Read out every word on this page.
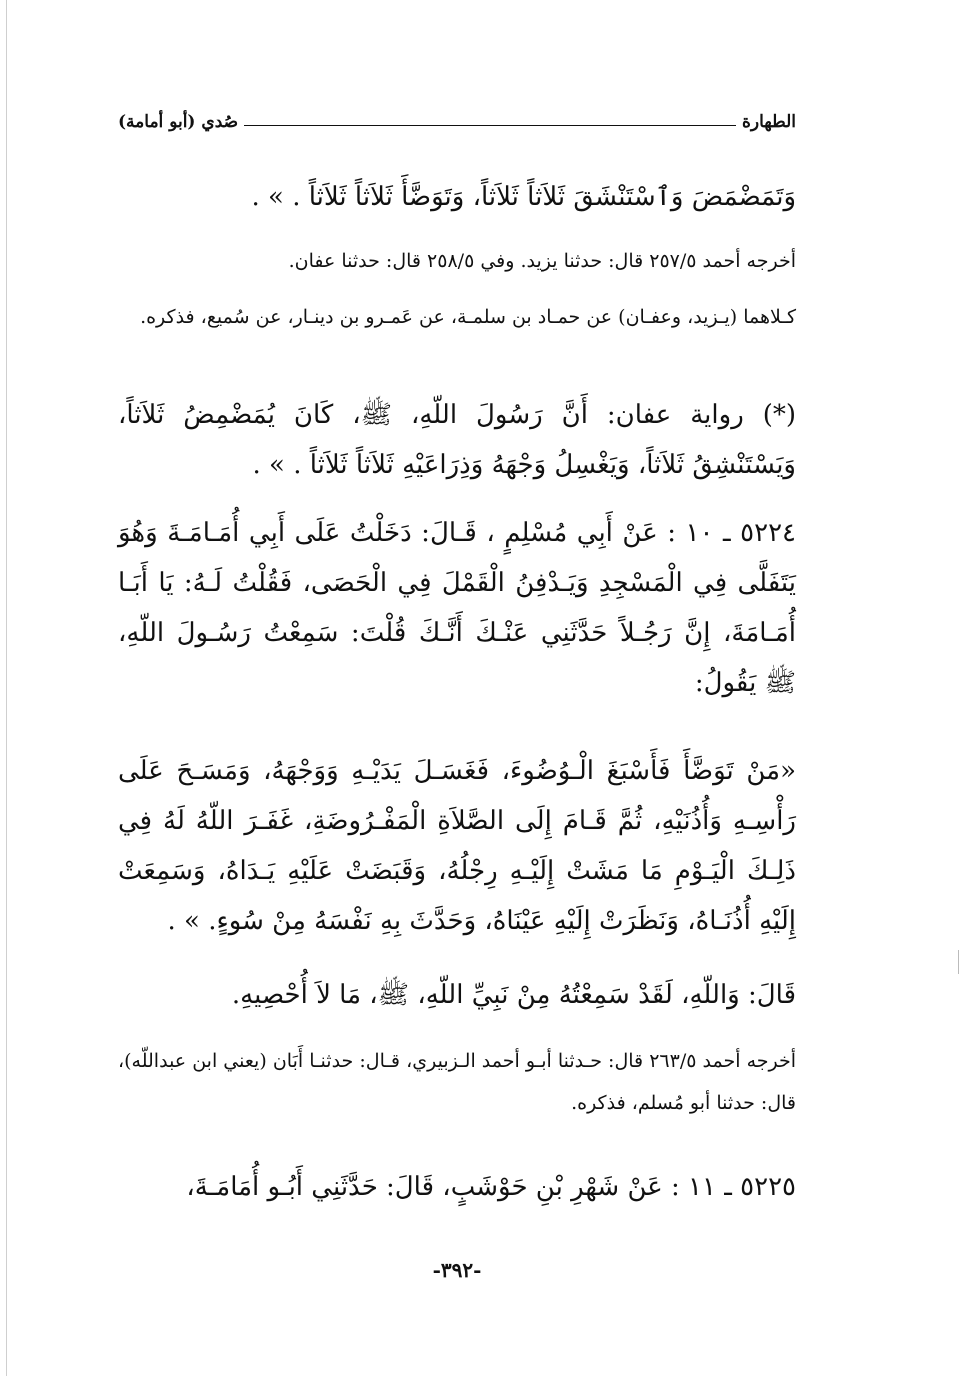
الطهارة
صُدي (أبو أمامة)
وَتَمَضْمَضَ وَٱسْتَنْشَقَ ثَلاَثاً ثَلاَثاً، وَتَوَضَّأَ ثَلاَثاً ثَلاَثاً . » .
أخرجه أحمد ٢٥٧/٥ قال: حدثنا يزيد. وفي ٢٥٨/٥ قال: حدثنا عفان.
كـلاهما (يـزيد، وعفـان) عن حمـاد بن سلمـة، عن عَمـرو بن دينـار، عن سُميع، فذكره.
(*) رواية عفان: أَنَّ رَسُولَ اللّهِ، ﷺ، كَانَ يُمَضْمِضُ ثَلاَثاً، وَيَسْتَنْشِقُ ثَلاَثاً، وَيَغْسِلُ وَجْهَهُ وَذِرَاعَيْهِ ثَلاَثاً ثَلاَثاً . » .
٥٢٢٤ ـ ١٠ : عَنْ أَبِي مُسْلِمٍ ، قَـالَ: دَخَلْتُ عَلَى أَبِي أُمَـامَـةَ وَهُوَ يَتَفَلَّى فِي الْمَسْجِدِ وَيَـدْفِنُ الْقَمْلَ فِي الْحَصَى، فَقُلْتُ لَـهُ: يَا أَبَـا أُمَـامَةَ، إِنَّ رَجُـلاً حَدَّثَنِي عَنْـكَ أَنَّـكَ قُلْتَ: سَمِعْتُ رَسُـولَ اللّهِ، ﷺ يَقُولُ:
«مَنْ تَوَضَّأَ فَأَسْبَغَ الْـوُضُوءَ، فَغَسَـلَ يَدَيْـهِ وَوَجْهَهُ، وَمَسَـحَ عَلَى رَأْسِـهِ وَأُذُنَيْهِ، ثُمَّ قَـامَ إِلَى الصَّلاَةِ الْمَفْـرُوضَةِ، غَفَـرَ اللّهُ لَهُ فِي ذَلِـكَ الْيَـوْمِ مَا مَشَتْ إِلَيْـهِ رِجْلُهُ، وَقَبَضَتْ عَلَيْهِ يَـدَاهُ، وَسَمِعَتْ إِلَيْهِ أُذُنَـاهُ، وَنَظَرَتْ إِلَيْهِ عَيْنَاهُ، وَحَدَّثَ بِهِ نَفْسَهُ مِنْ سُوءٍ. » .
قَالَ: وَاللّهِ، لَقَدْ سَمِعْتُهُ مِنْ نَبِيِّ اللّهِ، ﷺ، مَا لاَ أُحْصِيهِ.
أخرجه أحمد ٢٦٣/٥ قال: حـدثنا أبـو أحمد الـزبيري، قـال: حدثنـا أَبَان (يعني ابن عبداللّه)، قال: حدثنا أبو مُسلم، فذكره.
٥٢٢٥ ـ ١١ : عَنْ شَهْرِ بْنِ حَوْشَبٍ، قَالَ: حَدَّثَنِي أَبُـو أُمَامَـةَ،
-٣٩٢-
